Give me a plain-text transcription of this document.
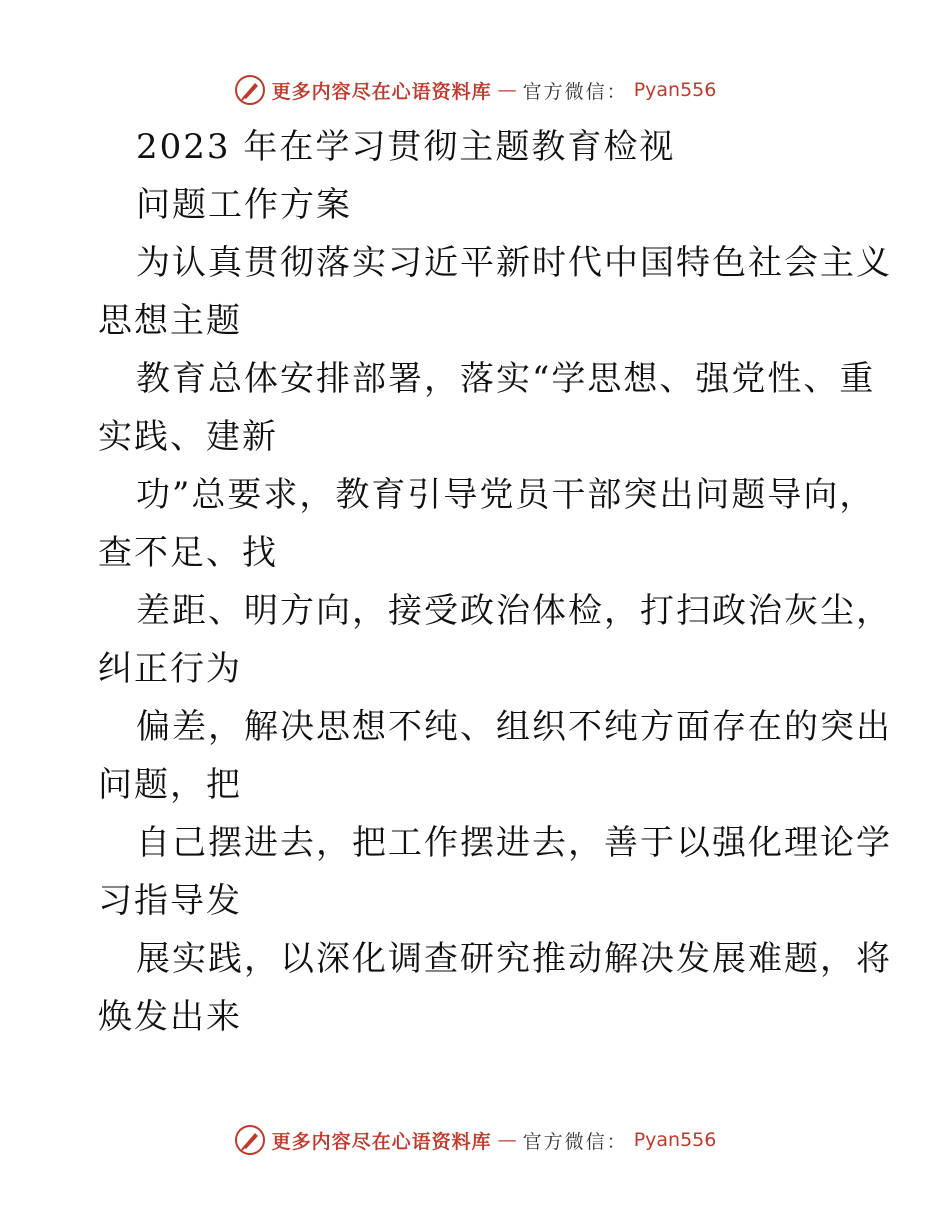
更多内容尽在心语资料库 — 官方微信： Pyan556
2023 年在学习贯彻主题教育检视
问题工作方案
为认真贯彻落实习近平新时代中国特色社会主义
思想主题
教育总体安排部署，落实“学思想、强党性、重
实践、建新
功”总要求，教育引导党员干部突出问题导向，
查不足、找
差距、明方向，接受政治体检，打扫政治灰尘，
纠正行为
偏差，解决思想不纯、组织不纯方面存在的突出
问题，把
自己摆进去，把工作摆进去，善于以强化理论学
习指导发
展实践，以深化调查研究推动解决发展难题，将
焕发出来
更多内容尽在心语资料库 — 官方微信： Pyan556
